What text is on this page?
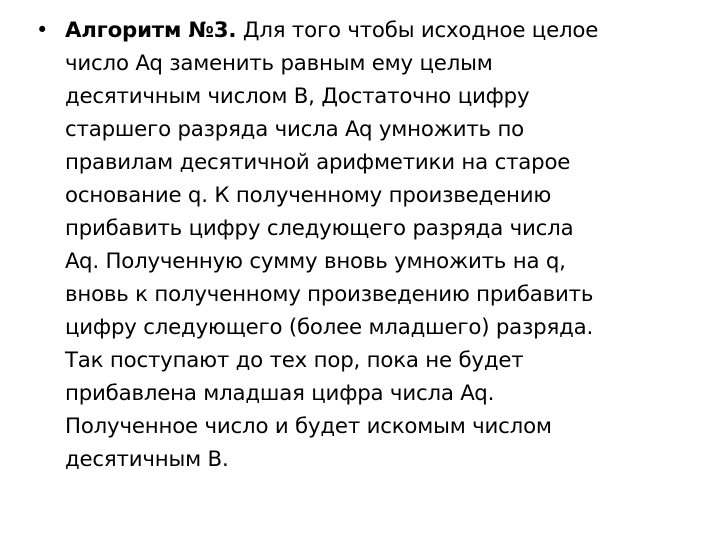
• Алгоритм №3. Для того чтобы исходное целое
число Aq заменить равным ему целым
десятичным числом B, Достаточно цифру
старшего разряда числа Aq умножить по
правилам десятичной арифметики на старое
основание q. К полученному произведению
прибавить цифру следующего разряда числа
Aq. Полученную сумму вновь умножить на q,
вновь к полученному произведению прибавить
цифру следующего (более младшего) разряда.
Так поступают до тех пор, пока не будет
прибавлена младшая цифра числа Aq.
Полученное число и будет искомым числом
десятичным B.
